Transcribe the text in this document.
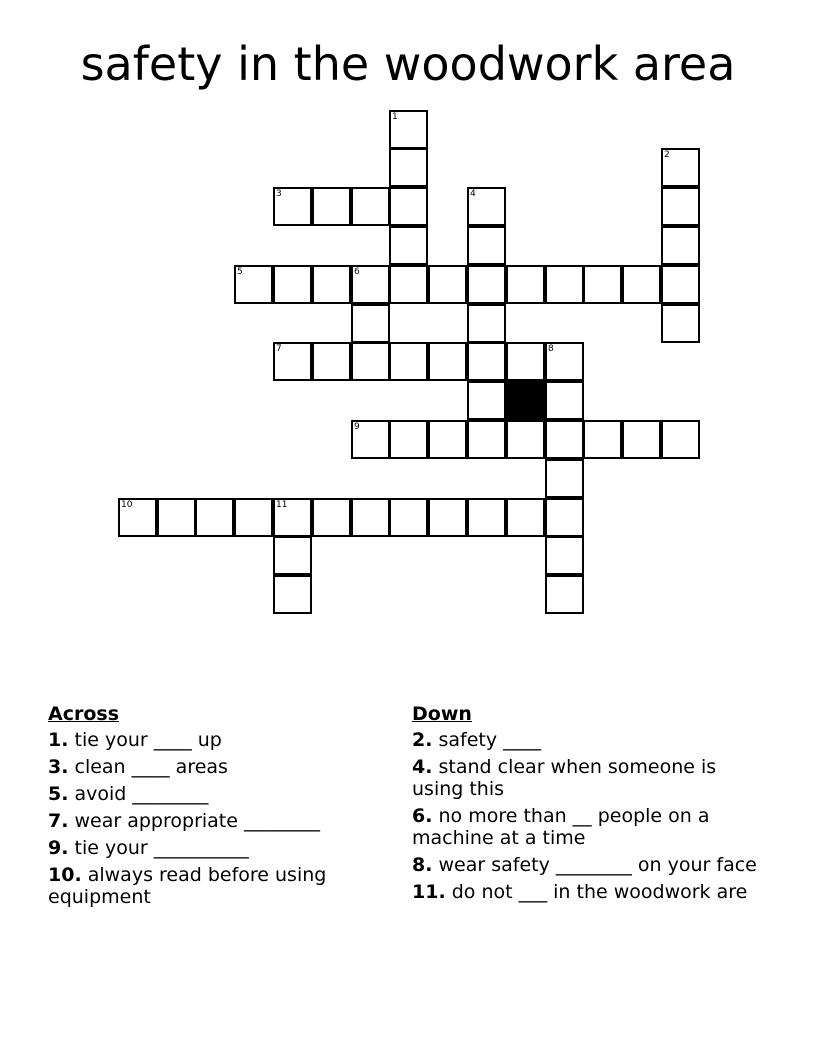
safety in the woodwork area
1
2
3	4
5	6
7	8
9
10	11
Across
1. tie your ____ up
3. clean ____ areas
5. avoid ________
7. wear appropriate ________
9. tie your __________
10. always read before using equipment
Down
2. safety ____
4. stand clear when someone is using this
6. no more than __ people on a machine at a time
8. wear safety ________ on your face
11. do not ___ in the woodwork are
